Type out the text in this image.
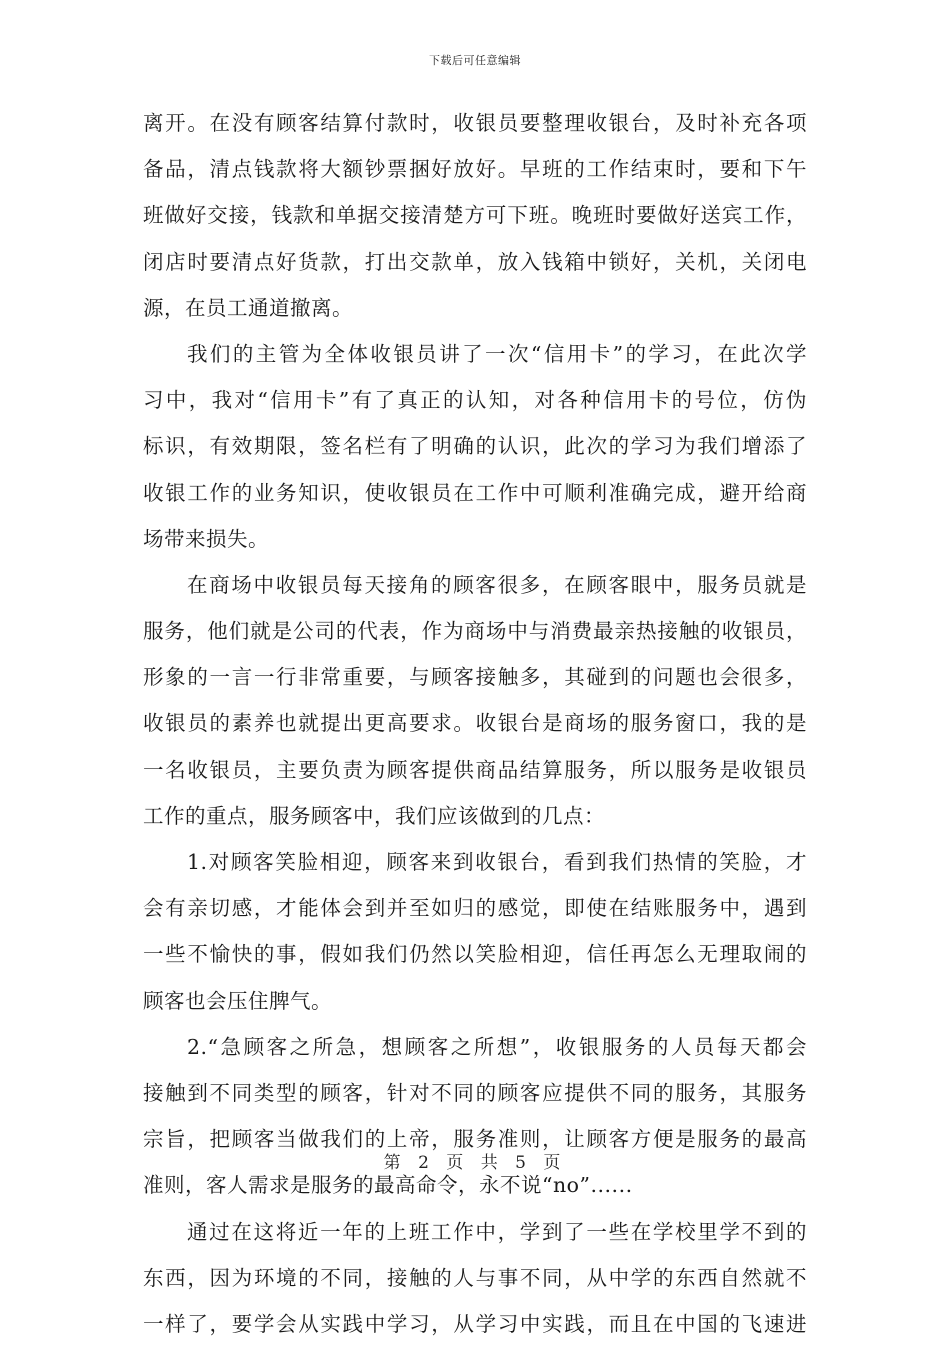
下载后可任意编辑
离开。在没有顾客结算付款时，收银员要整理收银台，及时补充各项
备品，清点钱款将大额钞票捆好放好。早班的工作结束时，要和下午
班做好交接，钱款和单据交接清楚方可下班。晚班时要做好送宾工作，
闭店时要清点好货款，打出交款单，放入钱箱中锁好，关机，关闭电
源，在员工通道撤离。
我们的主管为全体收银员讲了一次“信用卡”的学习，在此次学
习中，我对“信用卡”有了真正的认知，对各种信用卡的号位，仿伪
标识，有效期限，签名栏有了明确的认识，此次的学习为我们增添了
收银工作的业务知识，使收银员在工作中可顺利准确完成，避开给商
场带来损失。
在商场中收银员每天接角的顾客很多，在顾客眼中，服务员就是
服务，他们就是公司的代表，作为商场中与消费最亲热接触的收银员，
形象的一言一行非常重要，与顾客接触多，其碰到的问题也会很多，
收银员的素养也就提出更高要求。收银台是商场的服务窗口，我的是
一名收银员，主要负责为顾客提供商品结算服务，所以服务是收银员
工作的重点，服务顾客中，我们应该做到的几点：
1.对顾客笑脸相迎，顾客来到收银台，看到我们热情的笑脸，才
会有亲切感，才能体会到并至如归的感觉，即使在结账服务中，遇到
一些不愉快的事，假如我们仍然以笑脸相迎，信任再怎么无理取闹的
顾客也会压住脾气。
2.“急顾客之所急，想顾客之所想”，收银服务的人员每天都会
接触到不同类型的顾客，针对不同的顾客应提供不同的服务，其服务
宗旨，把顾客当做我们的上帝，服务准则，让顾客方便是服务的最高
准则，客人需求是服务的最高命令，永不说“no”......
通过在这将近一年的上班工作中，学到了一些在学校里学不到的
东西，因为环境的不同，接触的人与事不同，从中学的东西自然就不
一样了，要学会从实践中学习，从学习中实践，而且在中国的飞速进
第 2 页 共 5 页
